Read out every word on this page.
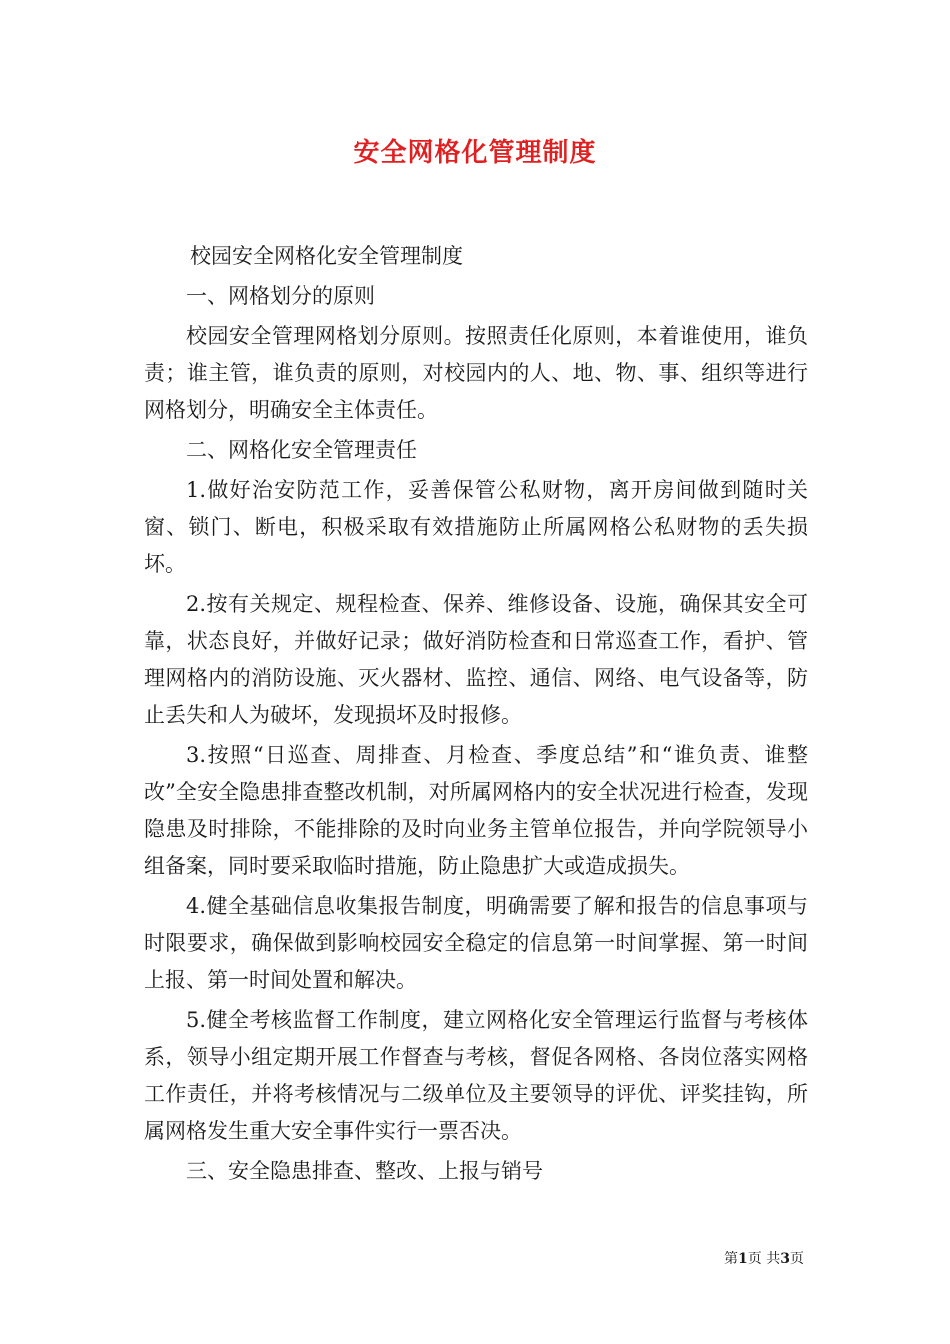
安全网格化管理制度

校园安全网格化安全管理制度

一、网格划分的原则

校园安全管理网格划分原则。按照责任化原则，本着谁使用，谁负责；谁主管，谁负责的原则，对校园内的人、地、物、事、组织等进行网格划分，明确安全主体责任。

二、网格化安全管理责任

1.做好治安防范工作，妥善保管公私财物，离开房间做到随时关窗、锁门、断电，积极采取有效措施防止所属网格公私财物的丢失损坏。

2.按有关规定、规程检查、保养、维修设备、设施，确保其安全可靠，状态良好，并做好记录；做好消防检查和日常巡查工作，看护、管理网格内的消防设施、灭火器材、监控、通信、网络、电气设备等，防止丢失和人为破坏，发现损坏及时报修。

3.按照“日巡查、周排查、月检查、季度总结”和“谁负责、谁整改”全安全隐患排查整改机制，对所属网格内的安全状况进行检查，发现隐患及时排除，不能排除的及时向业务主管单位报告，并向学院领导小组备案，同时要采取临时措施，防止隐患扩大或造成损失。

4.健全基础信息收集报告制度，明确需要了解和报告的信息事项与时限要求，确保做到影响校园安全稳定的信息第一时间掌握、第一时间上报、第一时间处置和解决。

5.健全考核监督工作制度，建立网格化安全管理运行监督与考核体系，领导小组定期开展工作督查与考核，督促各网格、各岗位落实网格工作责任，并将考核情况与二级单位及主要领导的评优、评奖挂钩，所属网格发生重大安全事件实行一票否决。

三、安全隐患排查、整改、上报与销号

第1页 共3页
